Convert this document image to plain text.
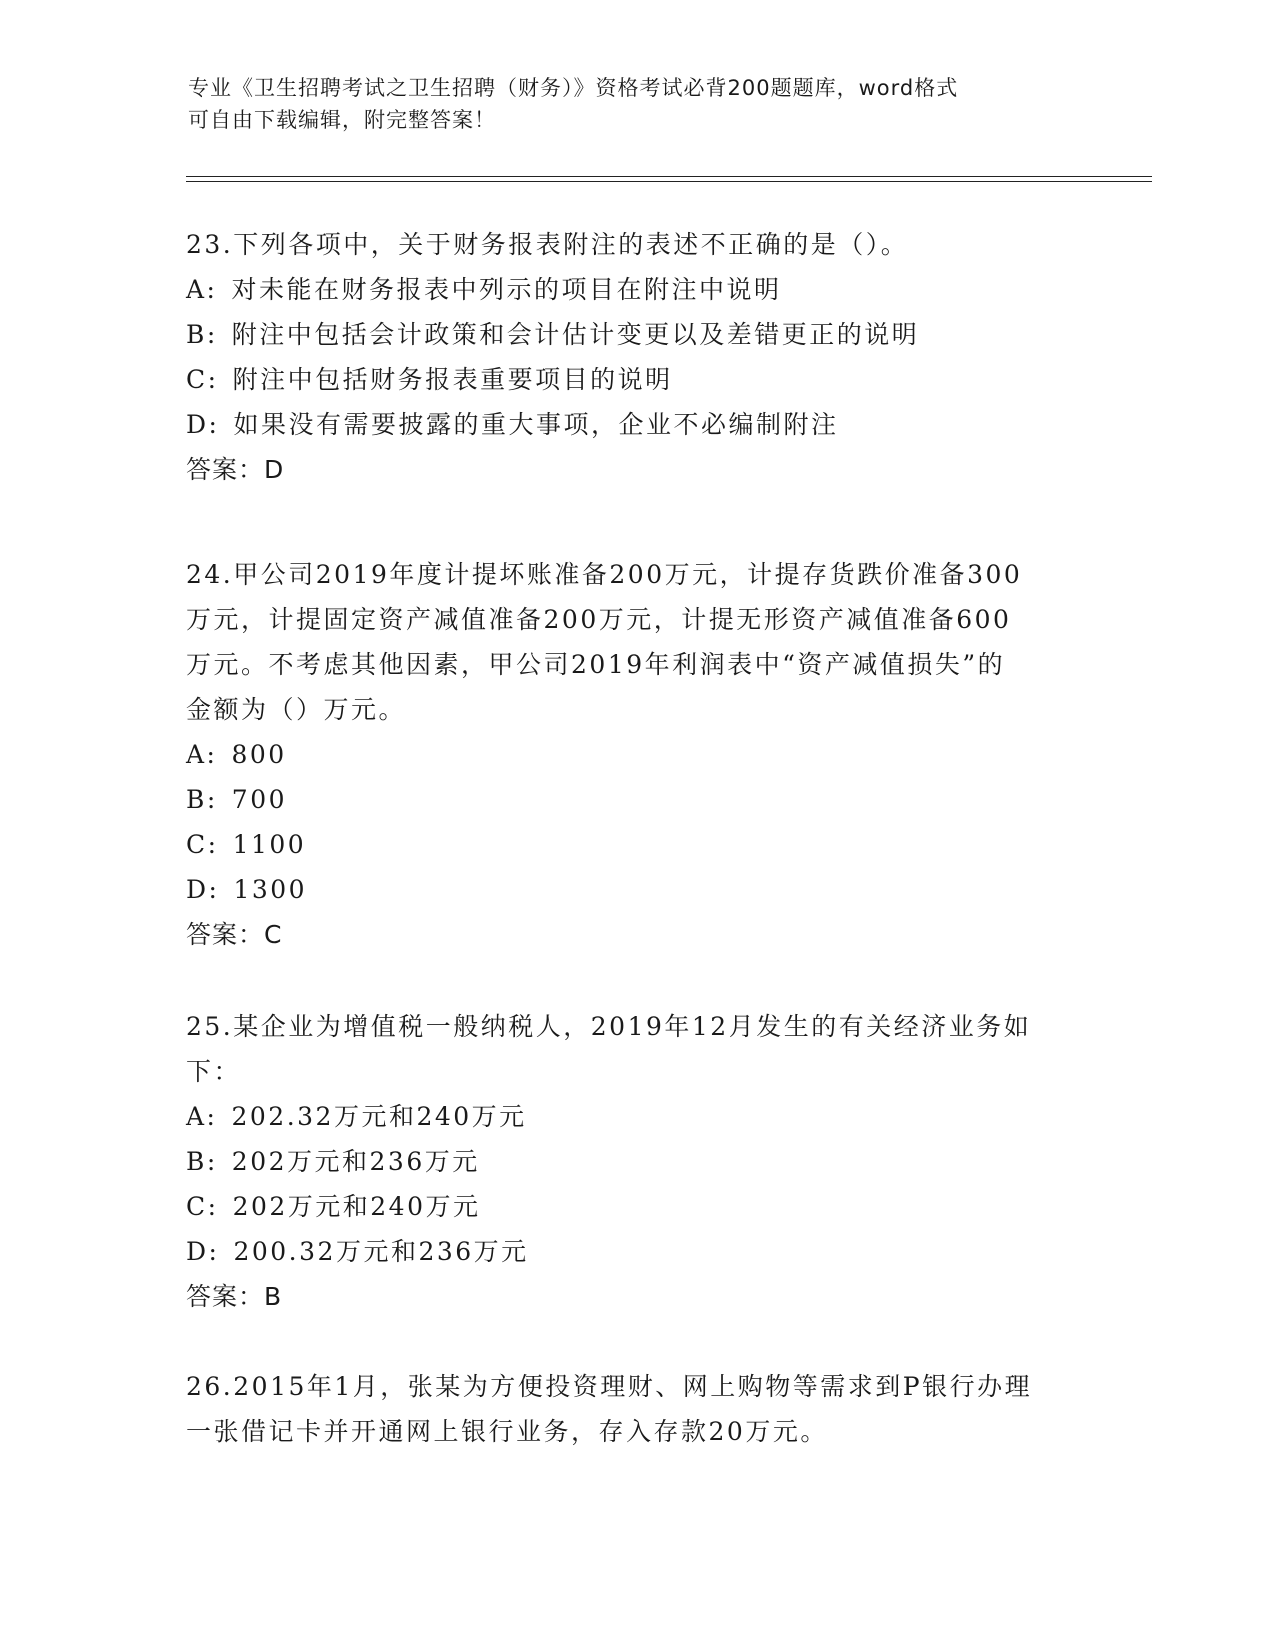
专业《卫生招聘考试之卫生招聘（财务）》资格考试必背200题题库，word格式
可自由下载编辑，附完整答案！
23.下列各项中，关于财务报表附注的表述不正确的是（）。
A: 对未能在财务报表中列示的项目在附注中说明
B: 附注中包括会计政策和会计估计变更以及差错更正的说明
C: 附注中包括财务报表重要项目的说明
D: 如果没有需要披露的重大事项，企业不必编制附注
答案：D
24.甲公司2019年度计提坏账准备200万元，计提存货跌价准备300
万元，计提固定资产减值准备200万元，计提无形资产减值准备600
万元。不考虑其他因素，甲公司2019年利润表中“资产减值损失”的
金额为（）万元。
A: 800
B: 700
C: 1100
D: 1300
答案：C
25.某企业为增值税一般纳税人，2019年12月发生的有关经济业务如
下：
A: 202.32万元和240万元
B: 202万元和236万元
C: 202万元和240万元
D: 200.32万元和236万元
答案：B
26.2015年1月，张某为方便投资理财、网上购物等需求到P银行办理
一张借记卡并开通网上银行业务，存入存款20万元。
